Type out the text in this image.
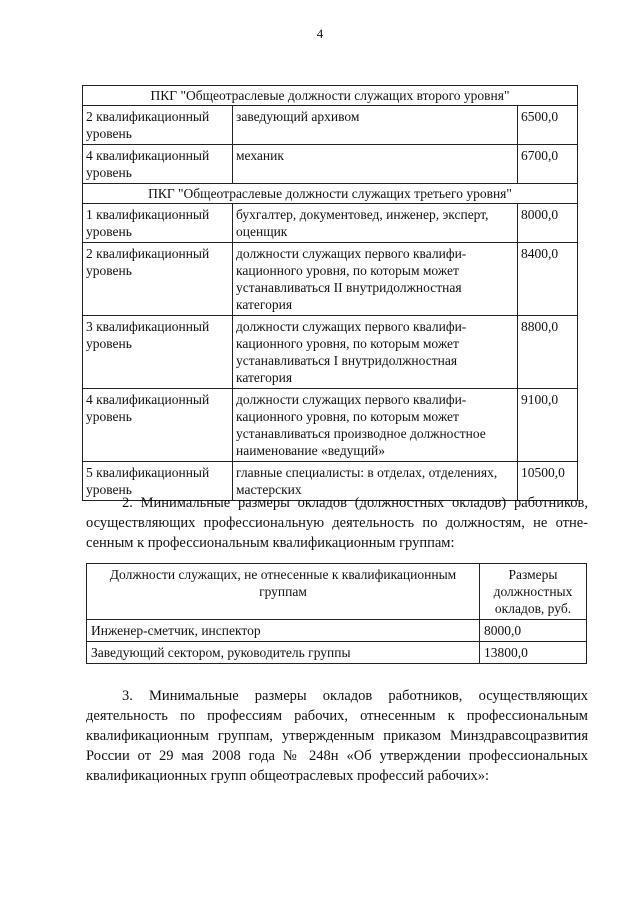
4
ПКГ "Общеотраслевые должности служащих второго уровня"		
2 квалификационный уровень	заведующий архивом	6500,0
4 квалификационный уровень	механик	6700,0
ПКГ "Общеотраслевые должности служащих третьего уровня"		
1 квалификационный уровень	бухгалтер, документовед, инженер, эксперт, оценщик	8000,0
2 квалификационный уровень	должности служащих первого квалифи-кационного уровня, по которым может устанавливаться II внутридолжностная категория	8400,0
3 квалификационный уровень	должности служащих первого квалифи-кационного уровня, по которым может устанавливаться I внутридолжностная категория	8800,0
4 квалификационный уровень	должности служащих первого квалифи-кационного уровня, по которым может устанавливаться производное должностное наименование «ведущий»	9100,0
5 квалификационный уровень	главные специалисты: в отделах, отделениях, мастерских	10500,0
2. Минимальные размеры окладов (должностных окладов) работников, осуществляющих профессиональную деятельность по должностям, не отне-сенным к профессиональным квалификационным группам:
Должности служащих, не отнесенные к квалификационным группам	Размеры должностных окладов, руб.
Инженер-сметчик, инспектор	8000,0
Заведующий сектором, руководитель группы	13800,0
3. Минимальные размеры окладов работников, осуществляющих деятельность по профессиям рабочих, отнесенным к профессиональным квалификационным группам, утвержденным приказом Минздравсоцразвития России от 29 мая 2008 года № 248н «Об утверждении профессиональных квалификационных групп общеотраслевых профессий рабочих»:
